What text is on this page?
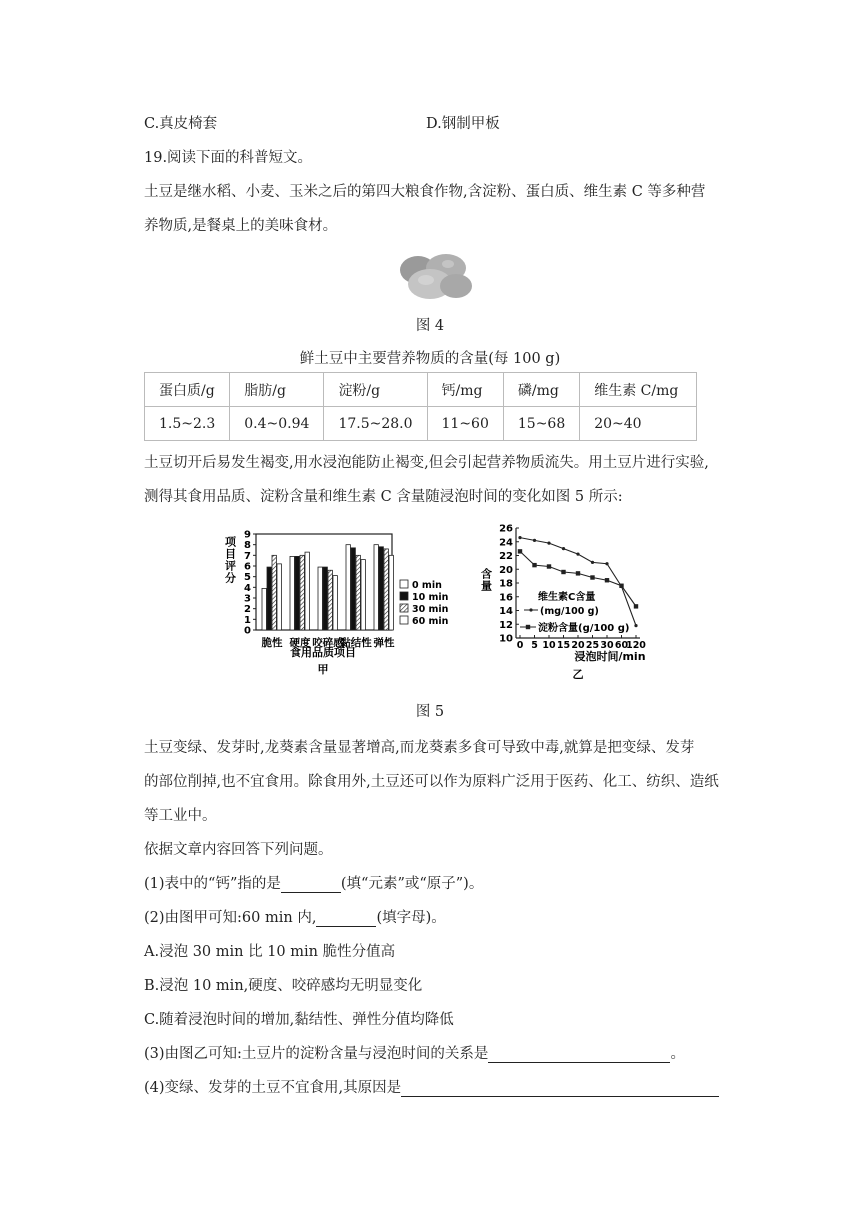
C.真皮椅套	D.钢制甲板
19.阅读下面的科普短文。
土豆是继水稻、小麦、玉米之后的第四大粮食作物,含淀粉、蛋白质、维生素 C 等多种营
养物质,是餐桌上的美味食材。
图 4
鲜土豆中主要营养物质的含量(每 100 g)
蛋白质/g	脂肪/g	淀粉/g	钙/mg	磷/mg	维生素 C/mg
1.5~2.3	0.4~0.94	17.5~28.0	11~60	15~68	20~40
土豆切开后易发生褐变,用水浸泡能防止褐变,但会引起营养物质流失。用土豆片进行实验,
测得其食用品质、淀粉含量和维生素 C 含量随浸泡时间的变化如图 5 所示:
0
1
2
3
4
5
6
7
8
9
脆性 硬度 咬碎感
黏结性 弹性
0 min
10 min
30 min
60 min
项目评分
食用品质项目
甲
10
12
14
16
18
20
22
24
26
0 5 10 15 20 25 30 60
120
维生素C含量
(mg/100 g)
淀粉含量(g/100 g)
含量
浸泡时间/min
乙
图 5
土豆变绿、发芽时,龙葵素含量显著增高,而龙葵素多食可导致中毒,就算是把变绿、发芽
的部位削掉,也不宜食用。除食用外,土豆还可以作为原料广泛用于医药、化工、纺织、造纸
等工业中。
依据文章内容回答下列问题。
(1)表中的“钙”指的是	(填“元素”或“原子”)。
(2)由图甲可知:60 min 内,	(填字母)。
A.浸泡 30 min 比 10 min 脆性分值高
B.浸泡 10 min,硬度、咬碎感均无明显变化
C.随着浸泡时间的增加,黏结性、弹性分值均降低
(3)由图乙可知:土豆片的淀粉含量与浸泡时间的关系是	。
(4)变绿、发芽的土豆不宜食用,其原因是
